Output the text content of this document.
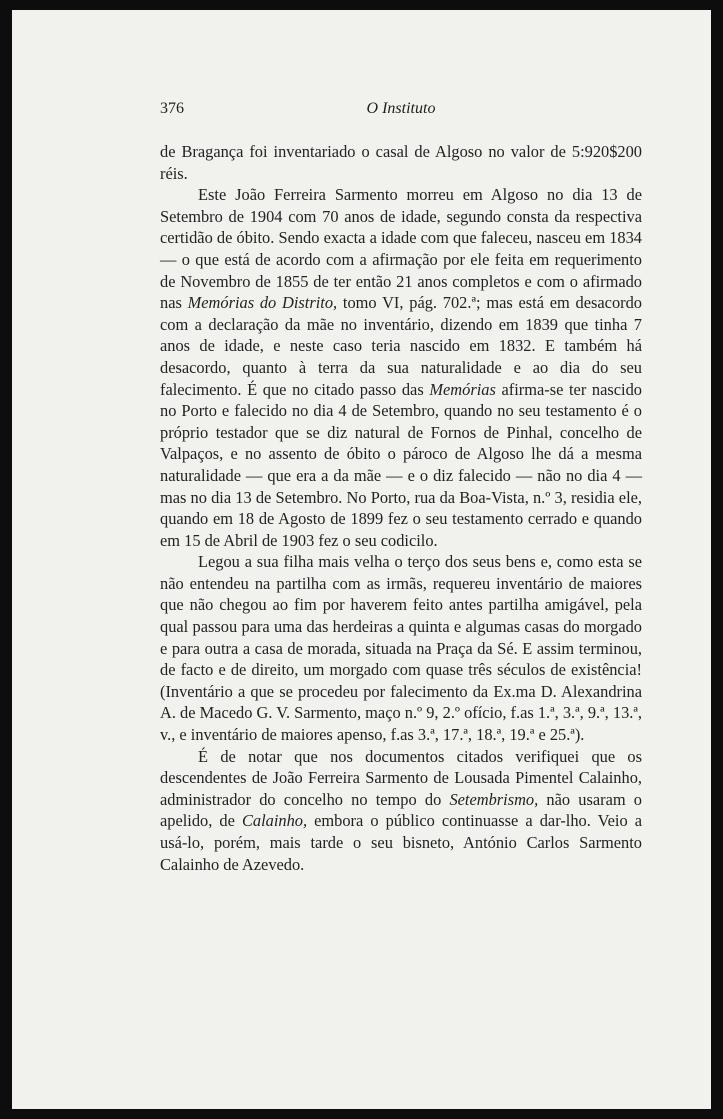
376	O Instituto

de Bragança foi inventariado o casal de Algoso no valor de 5:920$200 réis.

Este João Ferreira Sarmento morreu em Algoso no dia 13 de Setembro de 1904 com 70 anos de idade, segundo consta da respectiva certidão de óbito. Sendo exacta a idade com que faleceu, nasceu em 1834 — o que está de acordo com a afirmação por ele feita em requerimento de Novembro de 1855 de ter então 21 anos completos e com o afirmado nas Memórias do Distrito, tomo VI, pág. 702.ª; mas está em desacordo com a declaração da mãe no inventário, dizendo em 1839 que tinha 7 anos de idade, e neste caso teria nascido em 1832. E também há desacordo, quanto à terra da sua naturalidade e ao dia do seu falecimento. É que no citado passo das Memórias afirma-se ter nascido no Porto e falecido no dia 4 de Setembro, quando no seu testamento é o próprio testador que se diz natural de Fornos de Pinhal, concelho de Valpaços, e no assento de óbito o pároco de Algoso lhe dá a mesma naturalidade — que era a da mãe — e o diz falecido — não no dia 4 — mas no dia 13 de Setembro. No Porto, rua da Boa-Vista, n.º 3, residia ele, quando em 18 de Agosto de 1899 fez o seu testamento cerrado e quando em 15 de Abril de 1903 fez o seu codicilo.

Legou a sua filha mais velha o terço dos seus bens e, como esta se não entendeu na partilha com as irmãs, requereu inventário de maiores que não chegou ao fim por haverem feito antes partilha amigável, pela qual passou para uma das herdeiras a quinta e algumas casas do morgado e para outra a casa de morada, situada na Praça da Sé. E assim terminou, de facto e de direito, um morgado com quase três séculos de existência! (Inventário a que se procedeu por falecimento da Ex.ma D. Alexandrina A. de Macedo G. V. Sarmento, maço n.º 9, 2.º ofício, f.as 1.ª, 3.ª, 9.ª, 13.ª, v., e inventário de maiores apenso, f.as 3.ª, 17.ª, 18.ª, 19.ª e 25.ª).

É de notar que nos documentos citados verifiquei que os descendentes de João Ferreira Sarmento de Lousada Pimentel Calainho, administrador do concelho no tempo do Setembrismo, não usaram o apelido, de Calainho, embora o público continuasse a dar-lho. Veio a usá-lo, porém, mais tarde o seu bisneto, António Carlos Sarmento Calainho de Azevedo.
